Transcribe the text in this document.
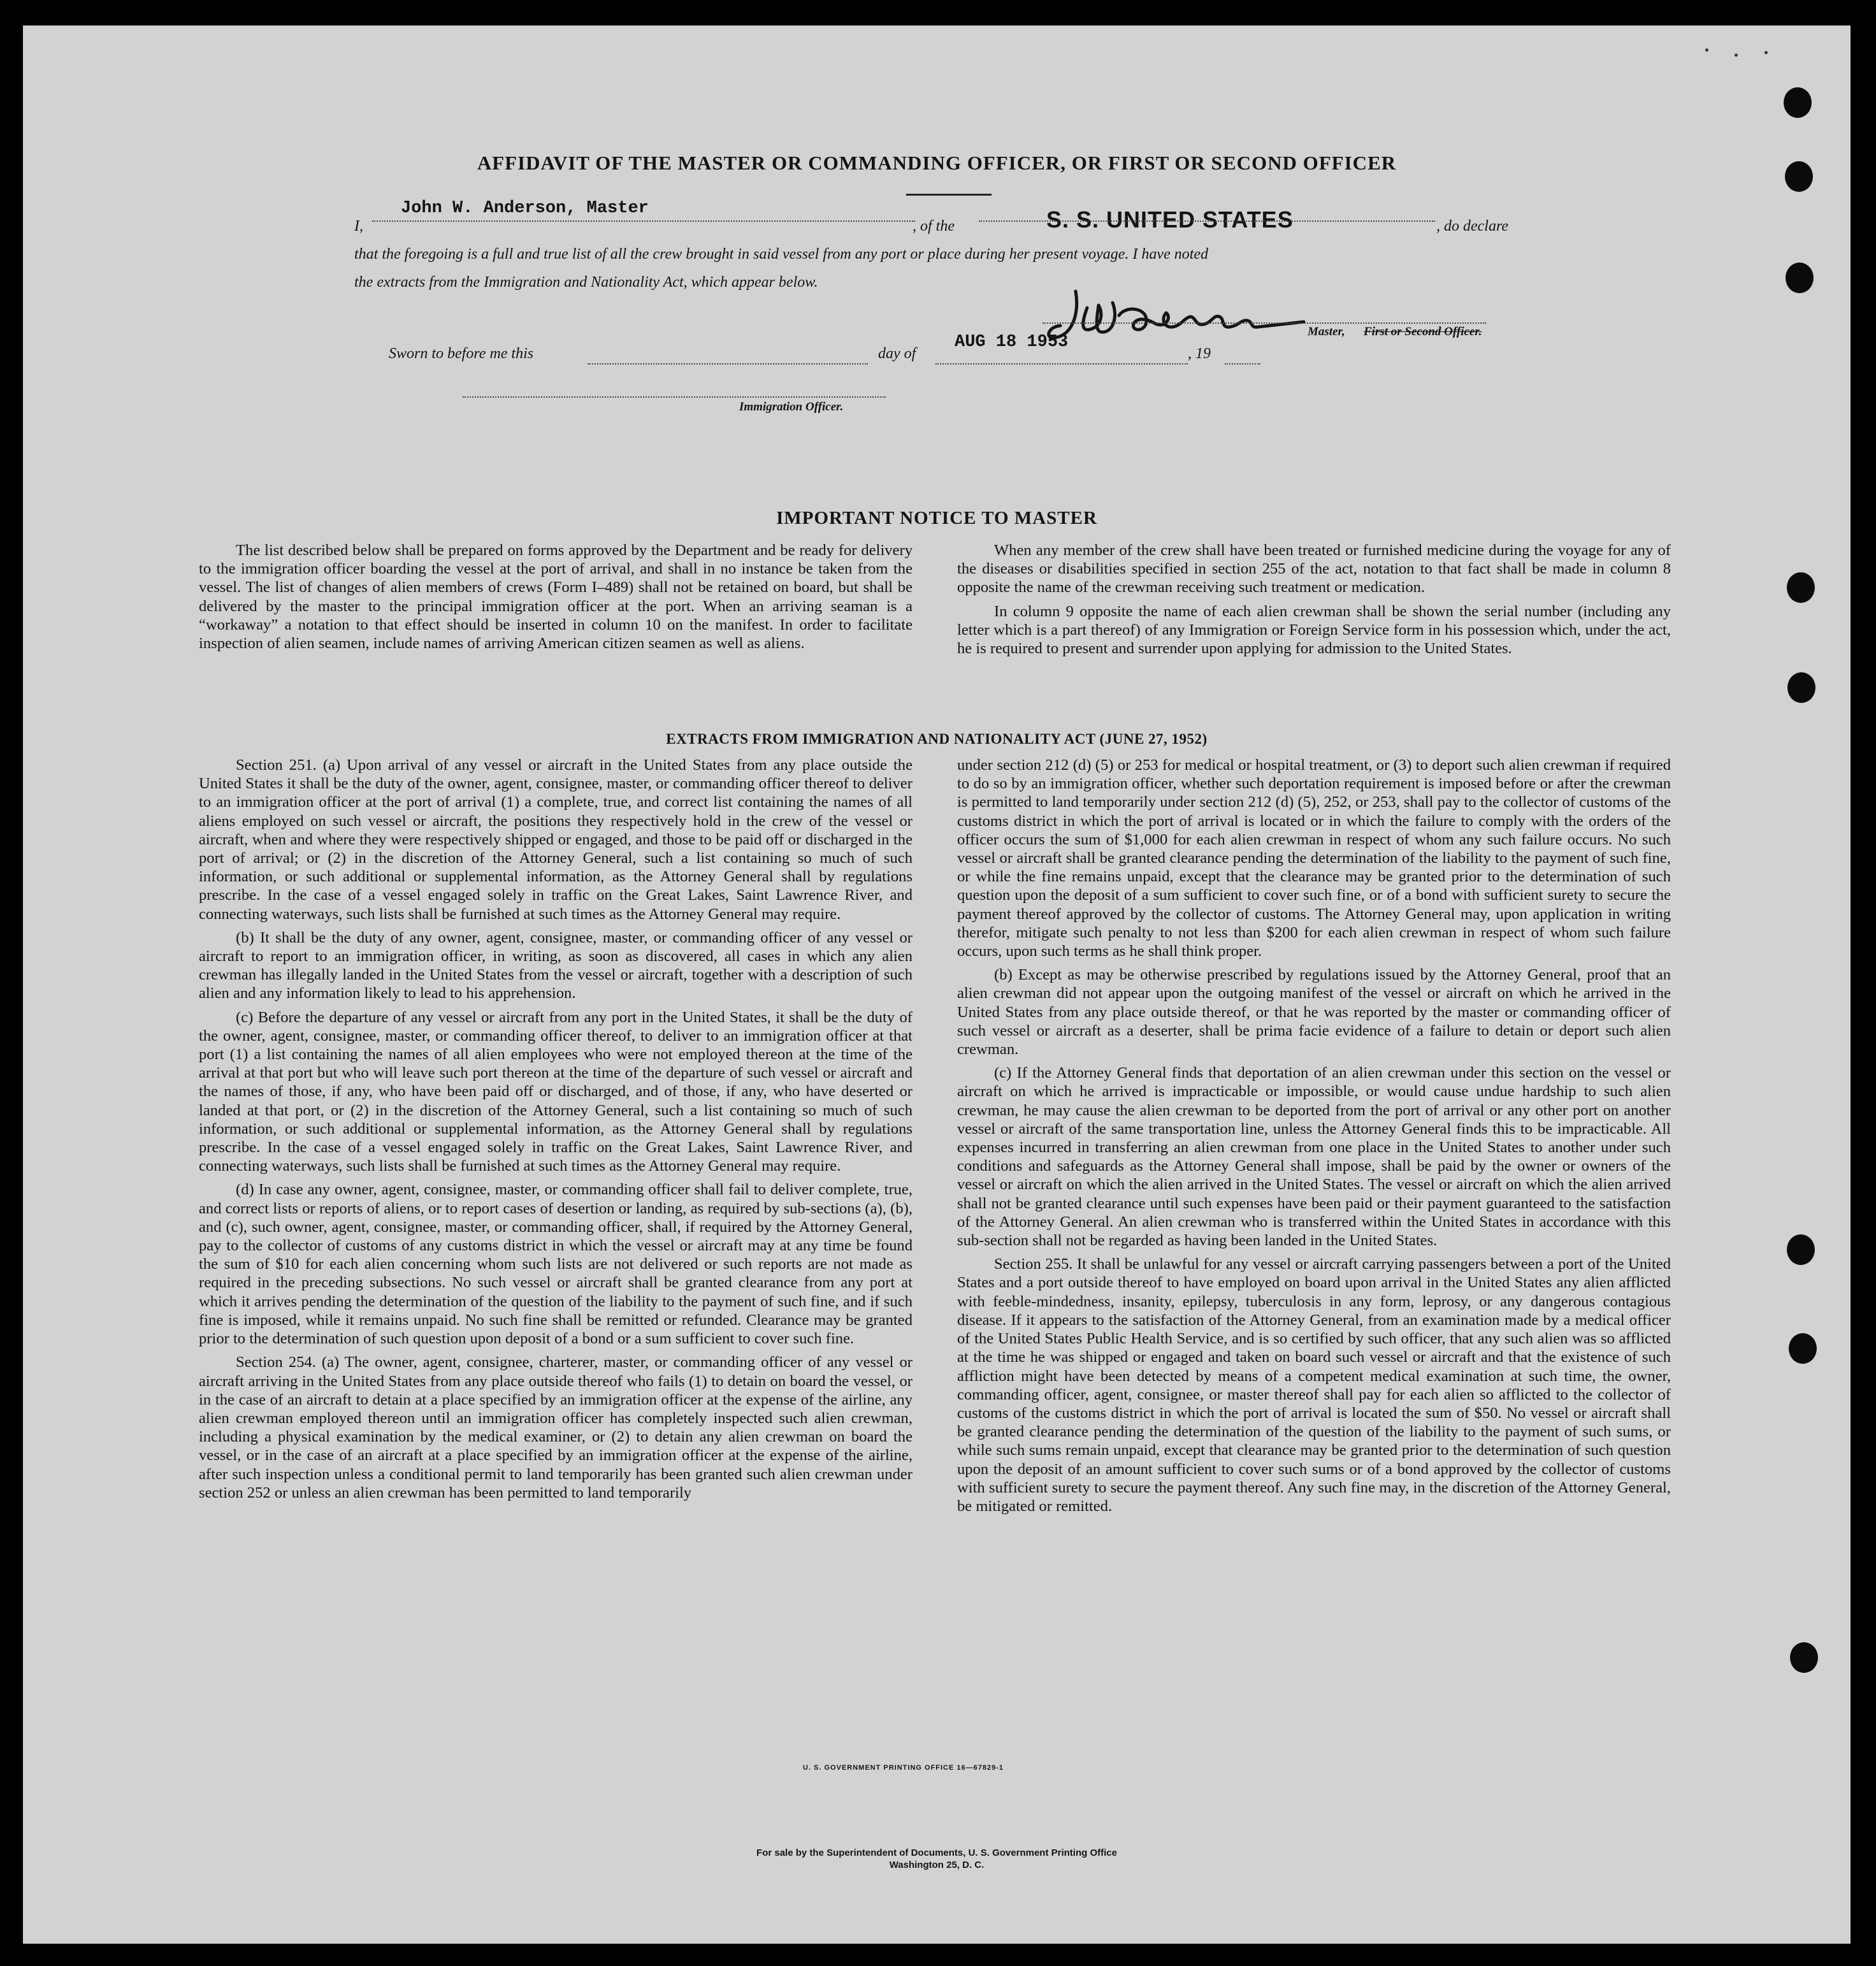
AFFIDAVIT OF THE MASTER OR COMMANDING OFFICER, OR FIRST OR SECOND OFFICER
I,
John W. Anderson, Master
, of the	S. S. UNITED STATES	, do declare
that the foregoing is a full and true list of all the crew brought in said vessel from any port or place during her present voyage. I have noted
the extracts from the Immigration and Nationality Act, which appear below.
Master, First or Second Officer.
Sworn to before me this	day of
AUG 18 1953
, 19
Immigration Officer.
IMPORTANT NOTICE TO MASTER

The list described below shall be prepared on forms approved by the Department and be ready for delivery to the immigration officer boarding the vessel at the port of arrival, and shall in no instance be taken from the vessel. The list of changes of alien members of crews (Form I–489) shall not be retained on board, but shall be delivered by the master to the principal immigration officer at the port. When an arriving seaman is a “workaway” a notation to that effect should be inserted in column 10 on the manifest. In order to facilitate inspection of alien seamen, include names of arriving American citizen seamen as well as aliens.

When any member of the crew shall have been treated or furnished medicine during the voyage for any of the diseases or disabilities specified in section 255 of the act, notation to that fact shall be made in column 8 opposite the name of the crewman receiving such treatment or medication.

In column 9 opposite the name of each alien crewman shall be shown the serial number (including any letter which is a part thereof) of any Immigration or Foreign Service form in his possession which, under the act, he is required to present and surrender upon applying for admission to the United States.

EXTRACTS FROM IMMIGRATION AND NATIONALITY ACT (JUNE 27, 1952)

Section 251. (a) Upon arrival of any vessel or aircraft in the United States from any place outside the United States it shall be the duty of the owner, agent, consignee, master, or commanding officer thereof to deliver to an immigration officer at the port of arrival (1) a complete, true, and correct list containing the names of all aliens employed on such vessel or aircraft, the positions they respectively hold in the crew of the vessel or aircraft, when and where they were respectively shipped or engaged, and those to be paid off or discharged in the port of arrival; or (2) in the discretion of the Attorney General, such a list containing so much of such information, or such additional or supplemental information, as the Attorney General shall by regulations prescribe. In the case of a vessel engaged solely in traffic on the Great Lakes, Saint Lawrence River, and connecting waterways, such lists shall be furnished at such times as the Attorney General may require.

(b) It shall be the duty of any owner, agent, consignee, master, or commanding officer of any vessel or aircraft to report to an immigration officer, in writing, as soon as discovered, all cases in which any alien crewman has illegally landed in the United States from the vessel or aircraft, together with a description of such alien and any information likely to lead to his apprehension.

(c) Before the departure of any vessel or aircraft from any port in the United States, it shall be the duty of the owner, agent, consignee, master, or commanding officer thereof, to deliver to an immigration officer at that port (1) a list containing the names of all alien employees who were not employed thereon at the time of the arrival at that port but who will leave such port thereon at the time of the departure of such vessel or aircraft and the names of those, if any, who have been paid off or discharged, and of those, if any, who have deserted or landed at that port, or (2) in the discretion of the Attorney General, such a list containing so much of such information, or such additional or supplemental information, as the Attorney General shall by regulations prescribe. In the case of a vessel engaged solely in traffic on the Great Lakes, Saint Lawrence River, and connecting waterways, such lists shall be furnished at such times as the Attorney General may require.

(d) In case any owner, agent, consignee, master, or commanding officer shall fail to deliver complete, true, and correct lists or reports of aliens, or to report cases of desertion or landing, as required by sub-sections (a), (b), and (c), such owner, agent, consignee, master, or commanding officer, shall, if required by the Attorney General, pay to the collector of customs of any customs district in which the vessel or aircraft may at any time be found the sum of $10 for each alien concerning whom such lists are not delivered or such reports are not made as required in the preceding subsections. No such vessel or aircraft shall be granted clearance from any port at which it arrives pending the determination of the question of the liability to the payment of such fine, and if such fine is imposed, while it remains unpaid. No such fine shall be remitted or refunded. Clearance may be granted prior to the determination of such question upon deposit of a bond or a sum sufficient to cover such fine.

Section 254. (a) The owner, agent, consignee, charterer, master, or commanding officer of any vessel or aircraft arriving in the United States from any place outside thereof who fails (1) to detain on board the vessel, or in the case of an aircraft to detain at a place specified by an immigration officer at the expense of the airline, any alien crewman employed thereon until an immigration officer has completely inspected such alien crewman, including a physical examination by the medical examiner, or (2) to detain any alien crewman on board the vessel, or in the case of an aircraft at a place specified by an immigration officer at the expense of the airline, after such inspection unless a conditional permit to land temporarily has been granted such alien crewman under section 252 or unless an alien crewman has been permitted to land temporarily

under section 212 (d) (5) or 253 for medical or hospital treatment, or (3) to deport such alien crewman if required to do so by an immigration officer, whether such deportation requirement is imposed before or after the crewman is permitted to land temporarily under section 212 (d) (5), 252, or 253, shall pay to the collector of customs of the customs district in which the port of arrival is located or in which the failure to comply with the orders of the officer occurs the sum of $1,000 for each alien crewman in respect of whom any such failure occurs. No such vessel or aircraft shall be granted clearance pending the determination of the liability to the payment of such fine, or while the fine remains unpaid, except that the clearance may be granted prior to the determination of such question upon the deposit of a sum sufficient to cover such fine, or of a bond with sufficient surety to secure the payment thereof approved by the collector of customs. The Attorney General may, upon application in writing therefor, mitigate such penalty to not less than $200 for each alien crewman in respect of whom such failure occurs, upon such terms as he shall think proper.

(b) Except as may be otherwise prescribed by regulations issued by the Attorney General, proof that an alien crewman did not appear upon the outgoing manifest of the vessel or aircraft on which he arrived in the United States from any place outside thereof, or that he was reported by the master or commanding officer of such vessel or aircraft as a deserter, shall be prima facie evidence of a failure to detain or deport such alien crewman.

(c) If the Attorney General finds that deportation of an alien crewman under this section on the vessel or aircraft on which he arrived is impracticable or impossible, or would cause undue hardship to such alien crewman, he may cause the alien crewman to be deported from the port of arrival or any other port on another vessel or aircraft of the same transportation line, unless the Attorney General finds this to be impracticable. All expenses incurred in transferring an alien crewman from one place in the United States to another under such conditions and safeguards as the Attorney General shall impose, shall be paid by the owner or owners of the vessel or aircraft on which the alien arrived in the United States. The vessel or aircraft on which the alien arrived shall not be granted clearance until such expenses have been paid or their payment guaranteed to the satisfaction of the Attorney General. An alien crewman who is transferred within the United States in accordance with this sub-section shall not be regarded as having been landed in the United States.

Section 255. It shall be unlawful for any vessel or aircraft carrying passengers between a port of the United States and a port outside thereof to have employed on board upon arrival in the United States any alien afflicted with feeble-mindedness, insanity, epilepsy, tuberculosis in any form, leprosy, or any dangerous contagious disease. If it appears to the satisfaction of the Attorney General, from an examination made by a medical officer of the United States Public Health Service, and is so certified by such officer, that any such alien was so afflicted at the time he was shipped or engaged and taken on board such vessel or aircraft and that the existence of such affliction might have been detected by means of a competent medical examination at such time, the owner, commanding officer, agent, consignee, or master thereof shall pay for each alien so afflicted to the collector of customs of the customs district in which the port of arrival is located the sum of $50. No vessel or aircraft shall be granted clearance pending the determination of the question of the liability to the payment of such sums, or while such sums remain unpaid, except that clearance may be granted prior to the determination of such question upon the deposit of an amount sufficient to cover such sums or of a bond approved by the collector of customs with sufficient surety to secure the payment thereof. Any such fine may, in the discretion of the Attorney General, be mitigated or remitted.

U. S. GOVERNMENT PRINTING OFFICE 16—67829-1
For sale by the Superintendent of Documents, U. S. Government Printing Office
Washington 25, D. C.
